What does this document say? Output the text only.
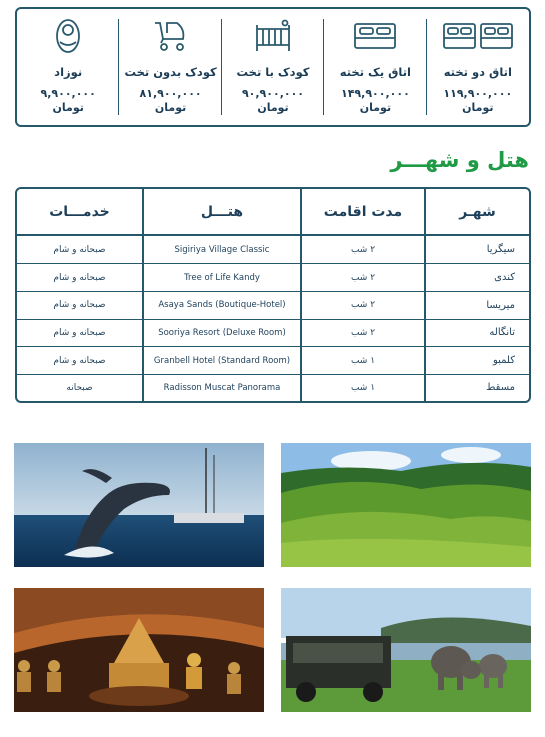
اتاق دو تخته
۱۱۹,۹۰۰,۰۰۰
تومان
اتاق یک تخته
۱۴۹,۹۰۰,۰۰۰
تومان
کودک با تخت
۹۰,۹۰۰,۰۰۰
تومان
کودک بدون تخت
۸۱,۹۰۰,۰۰۰
تومان
نوزاد
۹,۹۰۰,۰۰۰
تومان
هتل و شهـــر
شهـر	مدت اقامت	هتـــل	خدمـــات
سیگریا	۲ شب	Sigiriya Village Classic	صبحانه و شام
کندی	۲ شب	Tree of Life Kandy	صبحانه و شام
میریسا	۲ شب	Asaya Sands (Boutique-Hotel)	صبحانه و شام
تانگاله	۲ شب	Sooriya Resort (Deluxe Room)	صبحانه و شام
کلمبو	۱ شب	Granbell Hotel (Standard Room)	صبحانه و شام
مسقط	۱ شب	Radisson Muscat Panorama	صبحانه
